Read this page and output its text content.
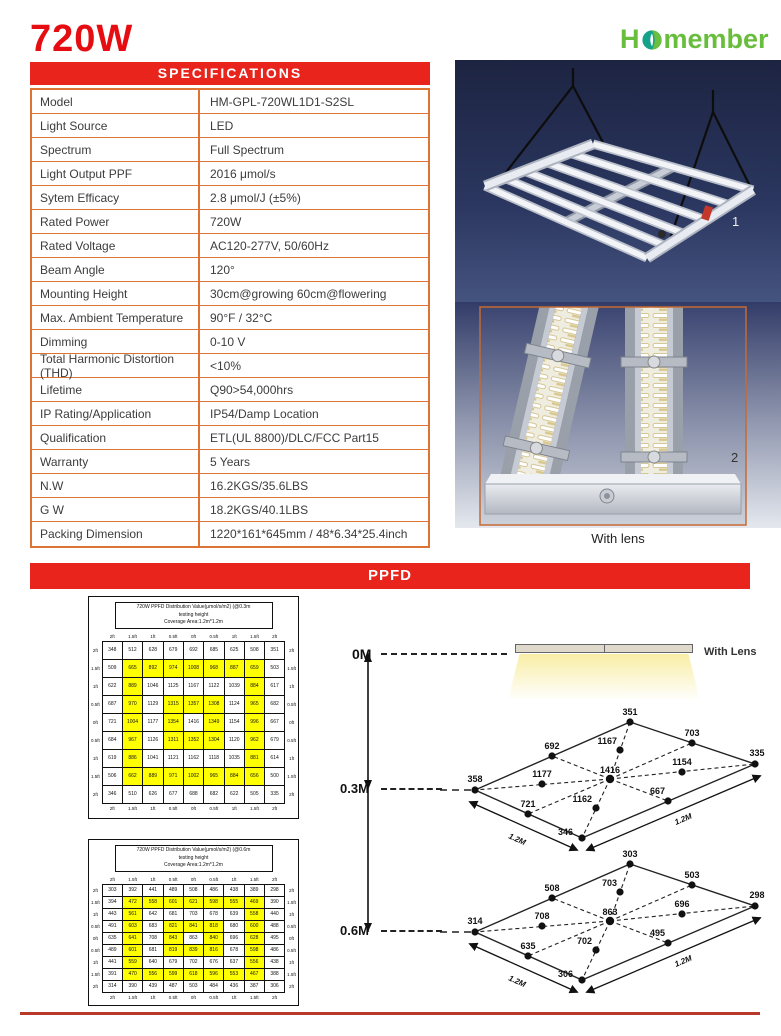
720W	H member
SPECIFICATIONS
Model	HM-GPL-720WL1D1-S2SL
Light Source	LED
Spectrum	Full Spectrum
Light Output PPF	2016 μmol/s
Sytem Efficacy	2.8 μmol/J (±5%)
Rated Power	720W
Rated Voltage	AC120-277V, 50/60Hz
Beam Angle	120°
Mounting Height	30cm@growing 60cm@flowering
Max. Ambient Temperature	90°F / 32°C
Dimming	0-10 V
Total Harmonic Distortion (THD)	<10%
Lifetime	Q90>54,000hrs
IP Rating/Application	IP54/Damp Location
Qualification	ETL(UL 8800)/DLC/FCC Part15
Warranty	5 Years
N.W	16.2KGS/35.6LBS
G W	18.2KGS/40.1LBS
Packing Dimension	1220*161*645mm / 48*6.34*25.4inch
1
2
With lens
PPFD
720W PPFD Distribution Value(μmol/s/m2) (@0.3m
testing height
Coverage Area:1.2m*1.2m
	2ft	1.5ft	1ft	0.5ft	0ft	0.5ft	1ft	1.5ft	2ft	
2ft	348	512	628	679	692	685	625	508	351	2ft
1.5ft	509	665	892	974	1008	968	887	659	503	1.5ft
1ft	622	889	1046	1125	1167	1122	1039	884	617	1ft
0.5ft	687	970	1129	1315	1357	1308	1124	965	682	0.5ft
0ft	721	1004	1177	1354	1416	1349	1154	996	667	0ft
0.5ft	684	967	1126	1311	1352	1304	1120	962	679	0.5ft
1ft	619	886	1041	1121	1162	1118	1035	881	614	1ft
1.5ft	506	662	889	971	1002	965	884	656	500	1.5ft
2ft	346	510	626	677	688	682	622	505	335	2ft
	2ft	1.5ft	1ft	0.5ft	0ft	0.5ft	1ft	1.5ft	2ft	
720W PPFD Distribution Value(μmol/s/m2) (@0.6m
testing height
Coverage Area:1.2m*1.2m
	2ft	1.5ft	1ft	0.5ft	0ft	0.5ft	1ft	1.5ft	2ft	
2ft	303	392	441	489	508	486	438	389	298	2ft
1.5ft	394	472	558	601	621	598	555	469	390	1.5ft
1ft	443	561	642	681	703	678	639	558	440	1ft
0.5ft	491	603	683	821	841	818	680	600	488	0.5ft
0ft	635	641	708	843	863	840	696	628	495	0ft
0.5ft	489	601	681	819	839	816	678	598	486	0.5ft
1ft	441	559	640	679	702	676	637	556	438	1ft
1.5ft	391	470	556	599	618	596	553	467	388	1.5ft
2ft	314	390	439	487	503	484	436	387	306	2ft
	2ft	1.5ft	1ft	0.5ft	0ft	0.5ft	1ft	1.5ft	2ft	
0M
0.3M
0.6M
With Lens
1.2M
1.2M
358
351
335
346
692
703
667
721
1416
1167
1154
1177
1162
1.2M
1.2M
314
303
298
306
508
503
495
635
863
703
696
708
702
